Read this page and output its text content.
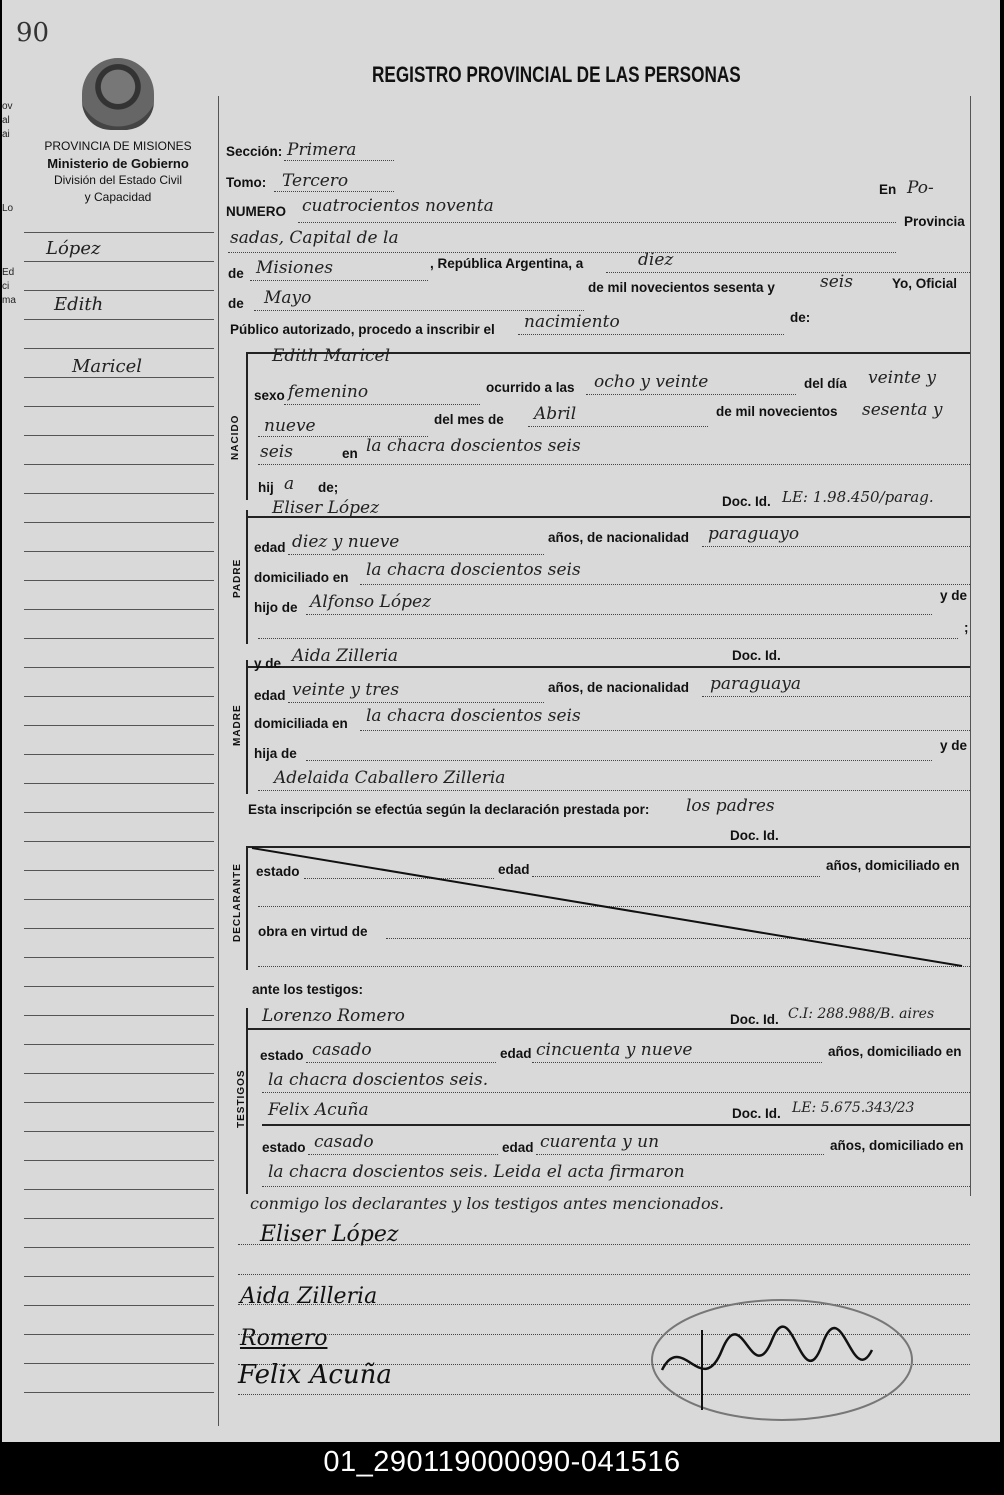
90
ov
al
ai
Lo
Ed
ci
ma
REGISTRO PROVINCIAL DE LAS PERSONAS
PROVINCIA DE MISIONES
Ministerio de Gobierno
División del Estado Civil
y Capacidad
López
Edith
Maricel
Sección: Primera
Tomo: Tercero	En Po-
NUMERO cuatrocientos noventa
sadas, Capital de la
Provincia
de Misiones	, República Argentina, a	diez
de Mayo
de mil novecientos sesenta y	seis	Yo, Oficial
Público autorizado, procedo a inscribir el nacimiento	de:
NACIDO
Edith Maricel
sexo femenino	ocurrido a las ocho y veinte	del día veinte y
nueve	del mes de Abril	de mil novecientos sesenta y
seis	en la chacra doscientos seis
hij a de;
PADRE
Doc. Id. LE: 1.98.450/parag.
Eliser López
edad diez y nueve	años, de nacionalidad paraguayo
domiciliado en la chacra doscientos seis
hijo de Alfonso López	y de
;
Doc. Id.
MADRE
y de Aida Zilleria
edad veinte y tres	años, de nacionalidad paraguaya
domiciliada en la chacra doscientos seis
hija de
y de
Adelaida Caballero Zilleria
Esta inscripción se efectúa según la declaración prestada por: los padres
Doc. Id.
DECLARANTE estado	edad	años, domiciliado en
obra en virtud de
ante los testigos:
TESTIGOS
Lorenzo Romero	Doc. Id. C.I: 288.988/B. aires
estado casado	edad cincuenta y nueve	años, domiciliado en
la chacra doscientos seis.
Felix Acuña	Doc. Id. LE: 5.675.343/23
estado casado	edad cuarenta y un	años, domiciliado en
la chacra doscientos seis. Leida el acta firmaron
conmigo los declarantes y los testigos antes mencionados.
Eliser López
Aida Zilleria
Romero
Felix Acuña
01_290119000090-041516
